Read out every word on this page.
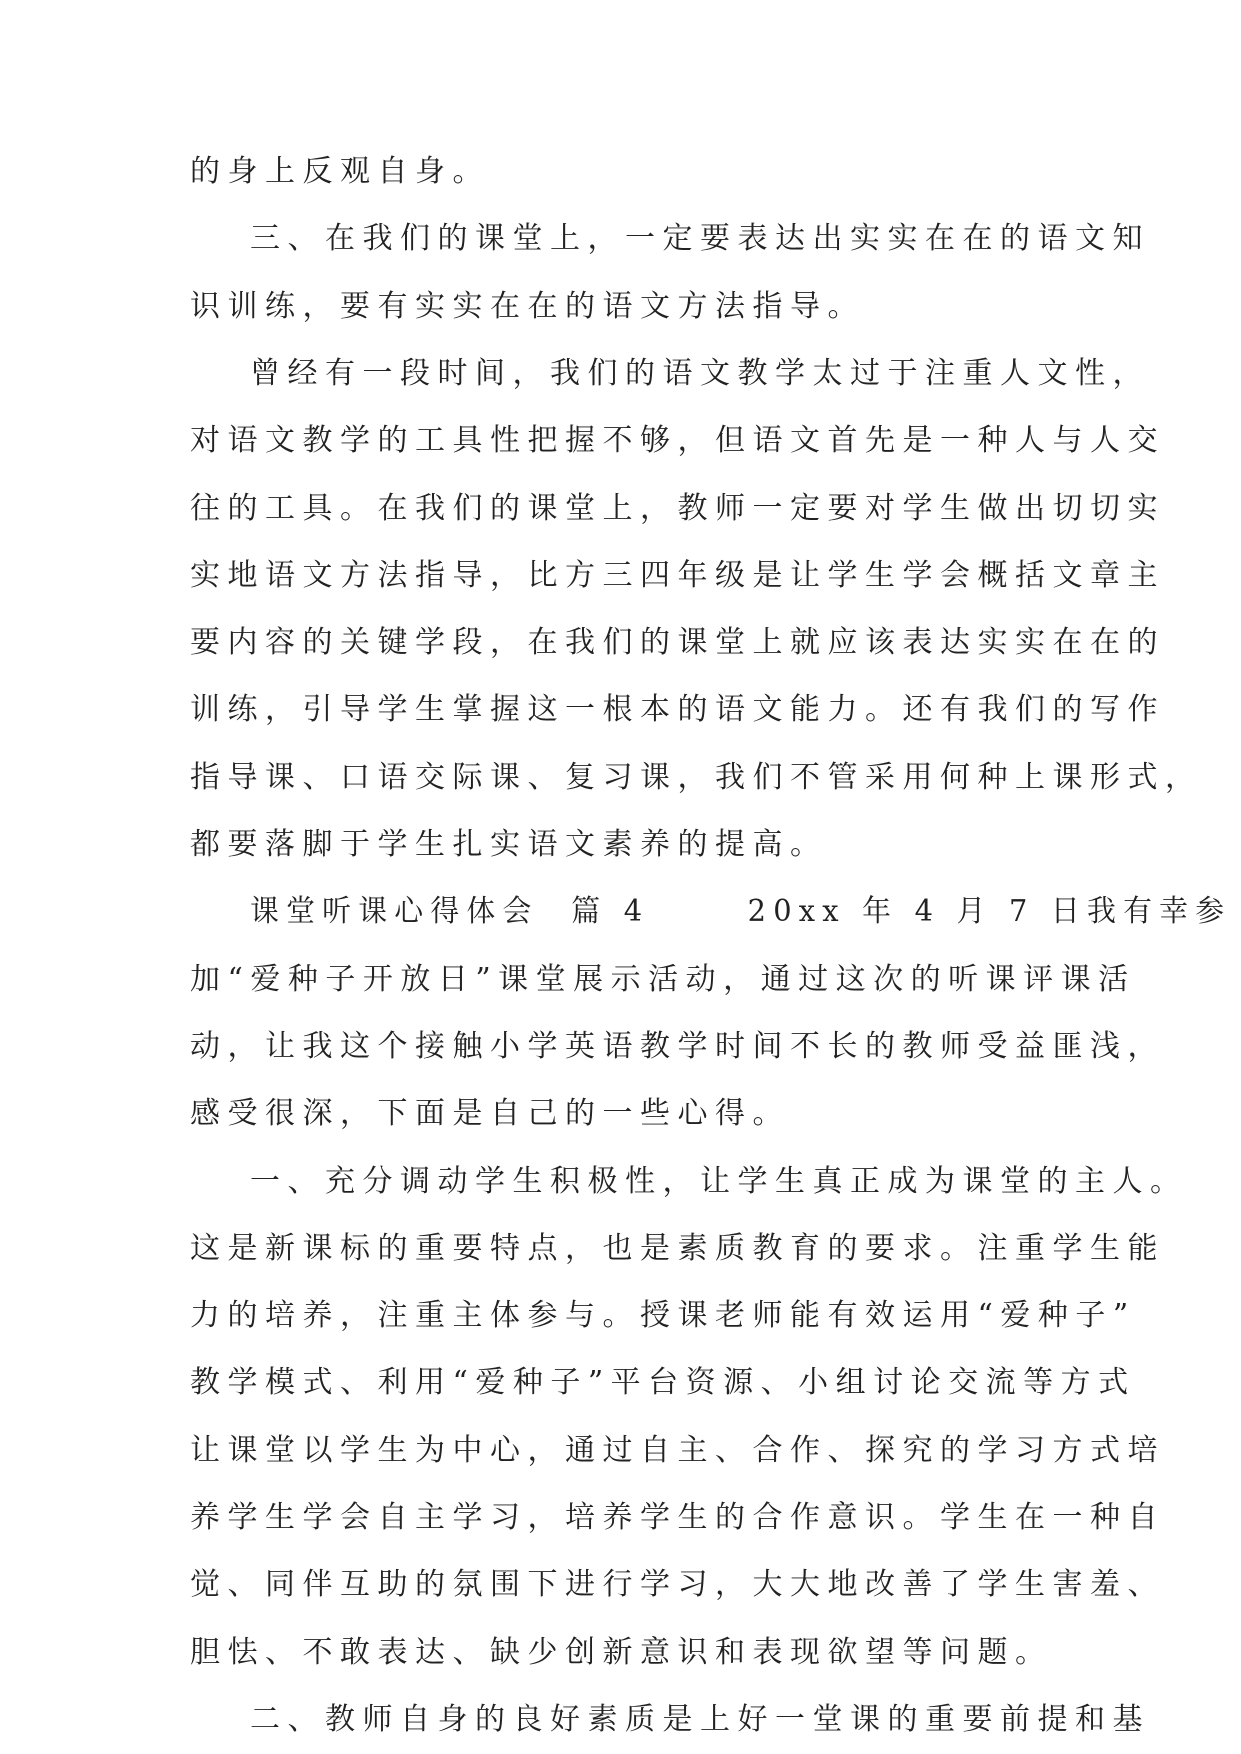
的身上反观自身。
三、在我们的课堂上，一定要表达出实实在在的语文知
识训练，要有实实在在的语文方法指导。
曾经有一段时间，我们的语文教学太过于注重人文性，
对语文教学的工具性把握不够，但语文首先是一种人与人交
往的工具。在我们的课堂上，教师一定要对学生做出切切实
实地语文方法指导，比方三四年级是让学生学会概括文章主
要内容的关键学段，在我们的课堂上就应该表达实实在在的
训练，引导学生掌握这一根本的语文能力。还有我们的写作
指导课、口语交际课、复习课，我们不管采用何种上课形式，
都要落脚于学生扎实语文素养的提高。
课堂听课心得体会  篇 4      20xx 年 4 月 7 日我有幸参
加“爱种子开放日”课堂展示活动，通过这次的听课评课活
动，让我这个接触小学英语教学时间不长的教师受益匪浅，
感受很深，下面是自己的一些心得。
一、充分调动学生积极性，让学生真正成为课堂的主人。
这是新课标的重要特点，也是素质教育的要求。注重学生能
力的培养，注重主体参与。授课老师能有效运用“爱种子”
教学模式、利用“爱种子”平台资源、小组讨论交流等方式
让课堂以学生为中心，通过自主、合作、探究的学习方式培
养学生学会自主学习，培养学生的合作意识。学生在一种自
觉、同伴互助的氛围下进行学习，大大地改善了学生害羞、
胆怯、不敢表达、缺少创新意识和表现欲望等问题。
二、教师自身的良好素质是上好一堂课的重要前提和基
